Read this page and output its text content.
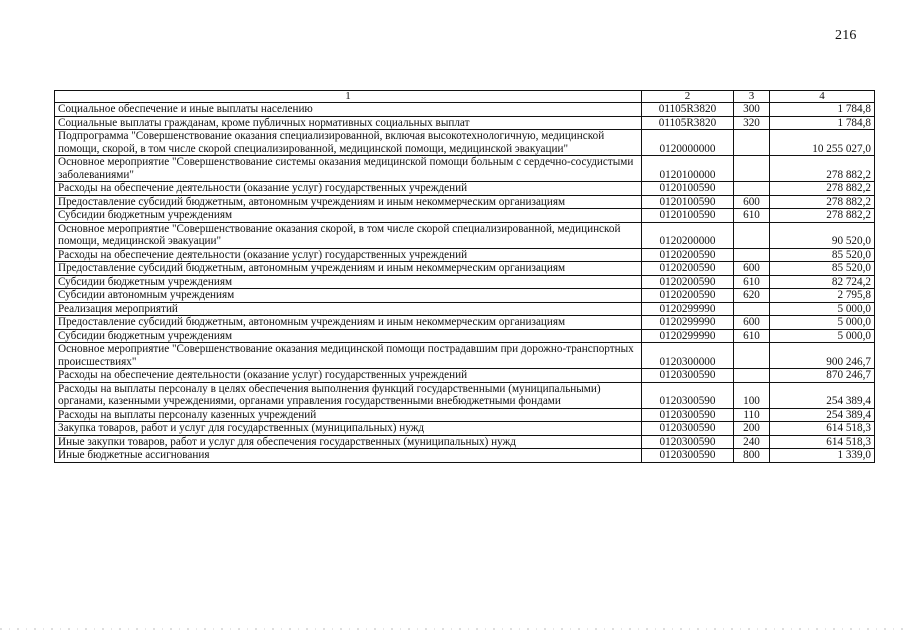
216
1	2	3	4
Социальное обеспечение и иные выплаты населению	01105R3820	300	1 784,8
Социальные выплаты гражданам, кроме публичных нормативных социальных выплат	01105R3820	320	1 784,8
Подпрограмма "Совершенствование оказания специализированной, включая высокотехнологичную, медицинской помощи, скорой, в том числе скорой специализированной, медицинской помощи, медицинской эвакуации"	0120000000		10 255 027,0
Основное мероприятие "Совершенствование системы оказания медицинской помощи больным с сердечно-сосудистыми заболеваниями"	0120100000		278 882,2
Расходы на обеспечение деятельности (оказание услуг) государственных учреждений	0120100590		278 882,2
Предоставление субсидий бюджетным, автономным учреждениям и иным некоммерческим организациям	0120100590	600	278 882,2
Субсидии бюджетным учреждениям	0120100590	610	278 882,2
Основное мероприятие "Совершенствование оказания скорой, в том числе скорой специализированной, медицинской помощи, медицинской эвакуации"	0120200000		90 520,0
Расходы на обеспечение деятельности (оказание услуг) государственных учреждений	0120200590		85 520,0
Предоставление субсидий бюджетным, автономным учреждениям и иным некоммерческим организациям	0120200590	600	85 520,0
Субсидии бюджетным учреждениям	0120200590	610	82 724,2
Субсидии автономным учреждениям	0120200590	620	2 795,8
Реализация мероприятий	0120299990		5 000,0
Предоставление субсидий бюджетным, автономным учреждениям и иным некоммерческим организациям	0120299990	600	5 000,0
Субсидии бюджетным учреждениям	0120299990	610	5 000,0
Основное мероприятие "Совершенствование оказания медицинской помощи пострадавшим при дорожно-транспортных происшествиях"	0120300000		900 246,7
Расходы на обеспечение деятельности (оказание услуг) государственных учреждений	0120300590		870 246,7
Расходы на выплаты персоналу в целях обеспечения выполнения функций государственными (муниципальными) органами, казенными учреждениями, органами управления государственными внебюджетными фондами	0120300590	100	254 389,4
Расходы на выплаты персоналу казенных учреждений	0120300590	110	254 389,4
Закупка товаров, работ и услуг для государственных (муниципальных) нужд	0120300590	200	614 518,3
Иные закупки товаров, работ и услуг для обеспечения государственных (муниципальных) нужд	0120300590	240	614 518,3
Иные бюджетные ассигнования	0120300590	800	1 339,0
